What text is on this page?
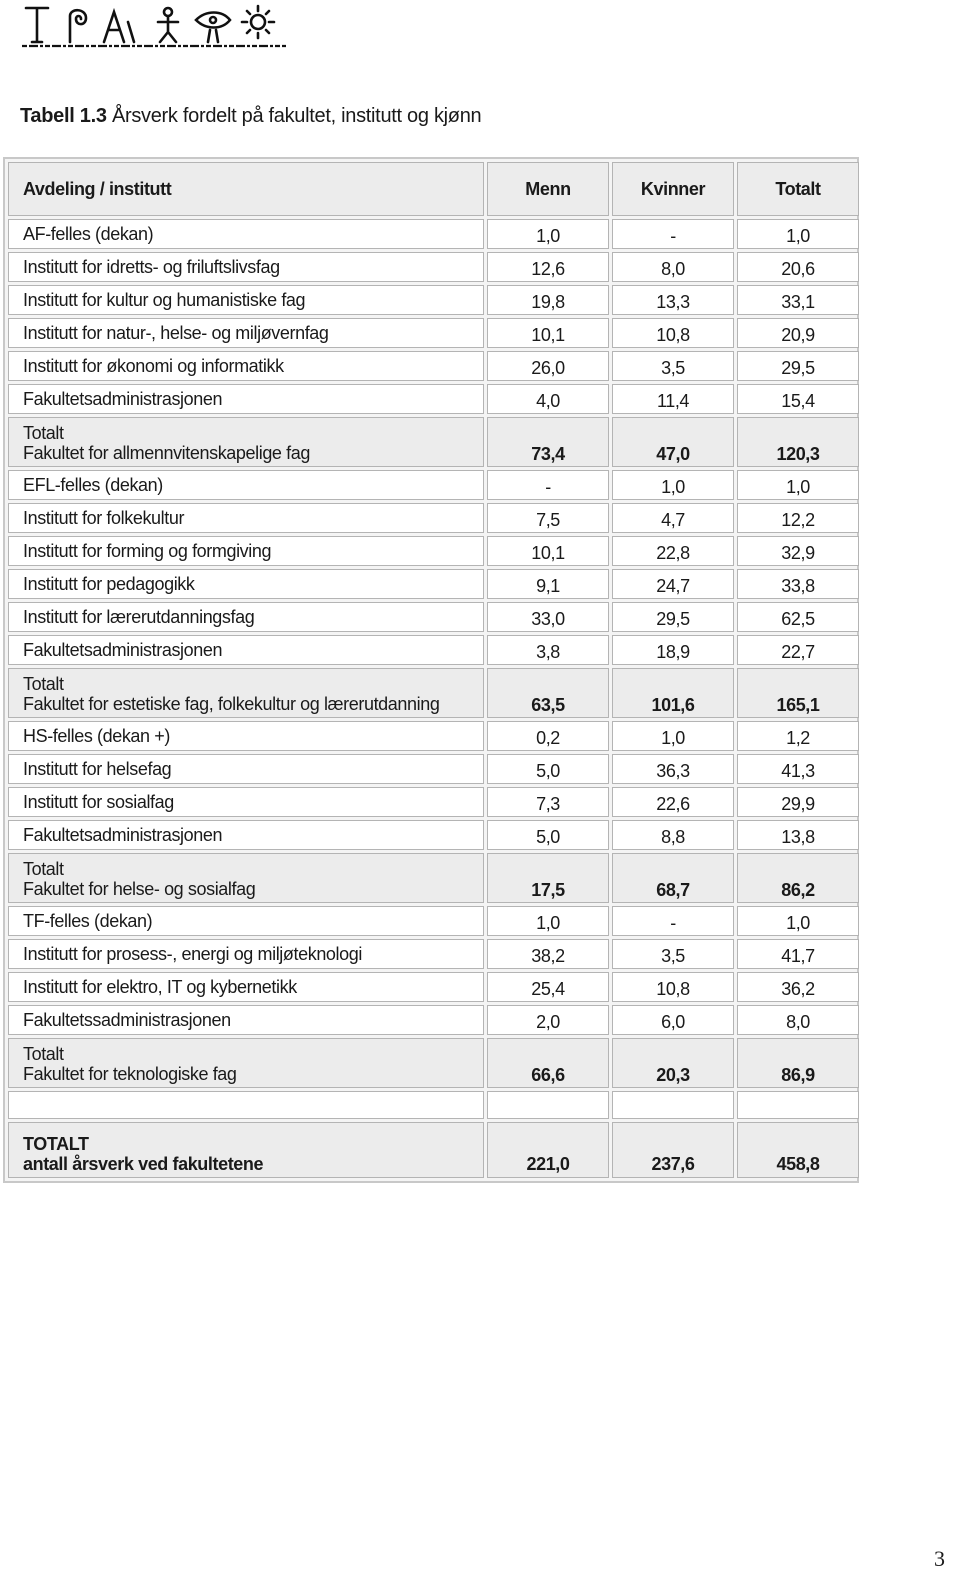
Tabell 1.3 Årsverk fordelt på fakultet, institutt og kjønn
Avdeling / institutt	Menn	Kvinner	Totalt
AF-felles (dekan)	1,0	-	1,0
Institutt for idretts- og friluftslivsfag	12,6	8,0	20,6
Institutt for kultur og humanistiske fag	19,8	13,3	33,1
Institutt for natur-, helse- og miljøvernfag	10,1	10,8	20,9
Institutt for økonomi og informatikk	26,0	3,5	29,5
Fakultetsadministrasjonen	4,0	11,4	15,4

Totalt
Fakultet for allmennvitenskapelige fag	73,4	47,0	120,3
EFL-felles (dekan)	-	1,0	1,0
Institutt for folkekultur	7,5	4,7	12,2
Institutt for forming og formgiving	10,1	22,8	32,9
Institutt for pedagogikk	9,1	24,7	33,8
Institutt for lærerutdanningsfag	33,0	29,5	62,5
Fakultetsadministrasjonen	3,8	18,9	22,7

Totalt
Fakultet for estetiske fag, folkekultur og lærerutdanning	63,5	101,6	165,1
HS-felles (dekan +)	0,2	1,0	1,2
Institutt for helsefag	5,0	36,3	41,3
Institutt for sosialfag	7,3	22,6	29,9
Fakultetsadministrasjonen	5,0	8,8	13,8

Totalt
Fakultet for helse- og sosialfag	17,5	68,7	86,2
TF-felles (dekan)	1,0	-	1,0
Institutt for prosess-, energi og miljøteknologi	38,2	3,5	41,7
Institutt for elektro, IT og kybernetikk	25,4	10,8	36,2
Fakultetssadministrasjonen	2,0	6,0	8,0

Totalt
Fakultet for teknologiske fag	66,6	20,3	86,9

TOTALT
antall årsverk ved fakultetene	221,0	237,6	458,8
3
